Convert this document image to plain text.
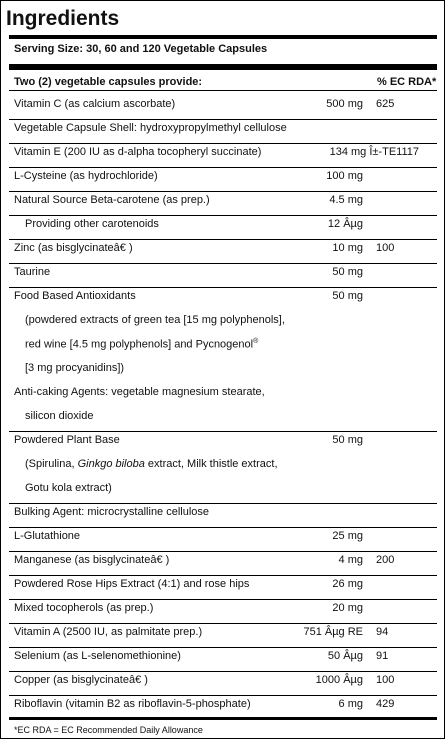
Ingredients
Serving Size: 30, 60 and 120 Vegetable Capsules
Two (2) vegetable capsules provide:	% EC RDA*
Vitamin C (as calcium ascorbate)	500 mg 625
Vegetable Capsule Shell: hydroxypropylmethyl cellulose
Vitamin E (200 IU as d-alpha tocopheryl succinate)	134 mg Î±-TE1117
L-Cysteine (as hydrochloride)	100 mg
Natural Source Beta-carotene (as prep.)	4.5 mg
Providing other carotenoids	12 Âµg
Zinc (as bisglycinateâ€ )	10 mg 100
Taurine	50 mg
Food Based Antioxidants	50 mg
(powdered extracts of green tea [15 mg polyphenols],
red wine [4.5 mg polyphenols] and Pycnogenol®
[3 mg procyanidins])
Anti-caking Agents: vegetable magnesium stearate,
silicon dioxide
Powdered Plant Base	50 mg
(Spirulina, Ginkgo biloba extract, Milk thistle extract,
Gotu kola extract)
Bulking Agent: microcrystalline cellulose
L-Glutathione	25 mg
Manganese (as bisglycinateâ€ )	4 mg 200
Powdered Rose Hips Extract (4:1) and rose hips	26 mg
Mixed tocopherols (as prep.)	20 mg
Vitamin A (2500 IU, as palmitate prep.)	751 Âµg RE 94
Selenium (as L-selenomethionine)	50 Âµg 91
Copper (as bisglycinateâ€ )	1000 Âµg 100
Riboflavin (vitamin B2 as riboflavin-5-phosphate)	6 mg 429
*EC RDA = EC Recommended Daily Allowance
